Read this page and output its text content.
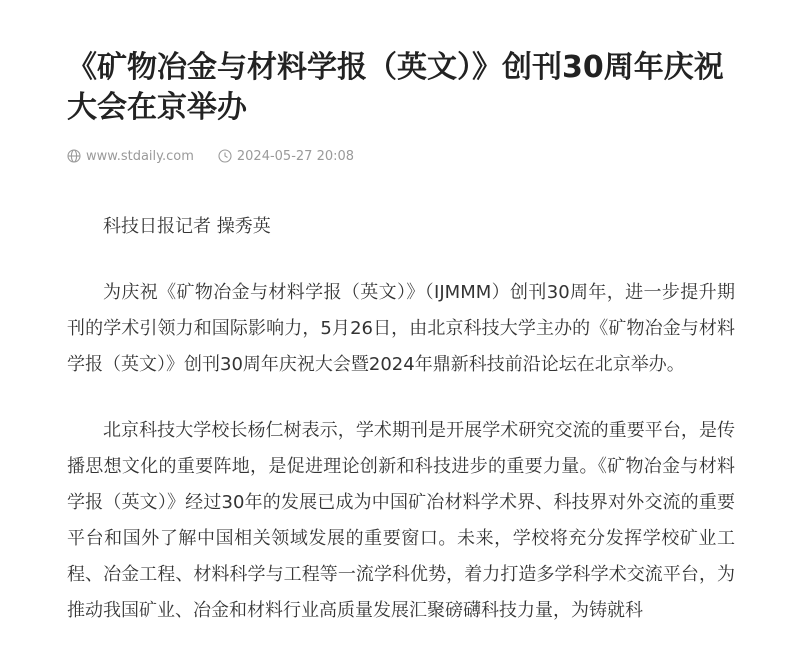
《矿物冶金与材料学报（英文）》创刊30周年庆祝大会在京举办
www.stdaily.com	2024-05-27 20:08

科技日报记者 操秀英

为庆祝《矿物冶金与材料学报（英文）》（IJMMM）创刊30周年，进一步提升期刊的学术引领力和国际影响力，5月26日，由北京科技大学主办的《矿物冶金与材料学报（英文）》创刊30周年庆祝大会暨2024年鼎新科技前沿论坛在北京举办。

北京科技大学校长杨仁树表示，学术期刊是开展学术研究交流的重要平台，是传播思想文化的重要阵地，是促进理论创新和科技进步的重要力量。《矿物冶金与材料学报（英文）》经过30年的发展已成为中国矿冶材料学术界、科技界对外交流的重要平台和国外了解中国相关领域发展的重要窗口。未来，学校将充分发挥学校矿业工程、冶金工程、材料科学与工程等一流学科优势，着力打造多学科学术交流平台，为推动我国矿业、冶金和材料行业高质量发展汇聚磅礴科技力量，为铸就科
